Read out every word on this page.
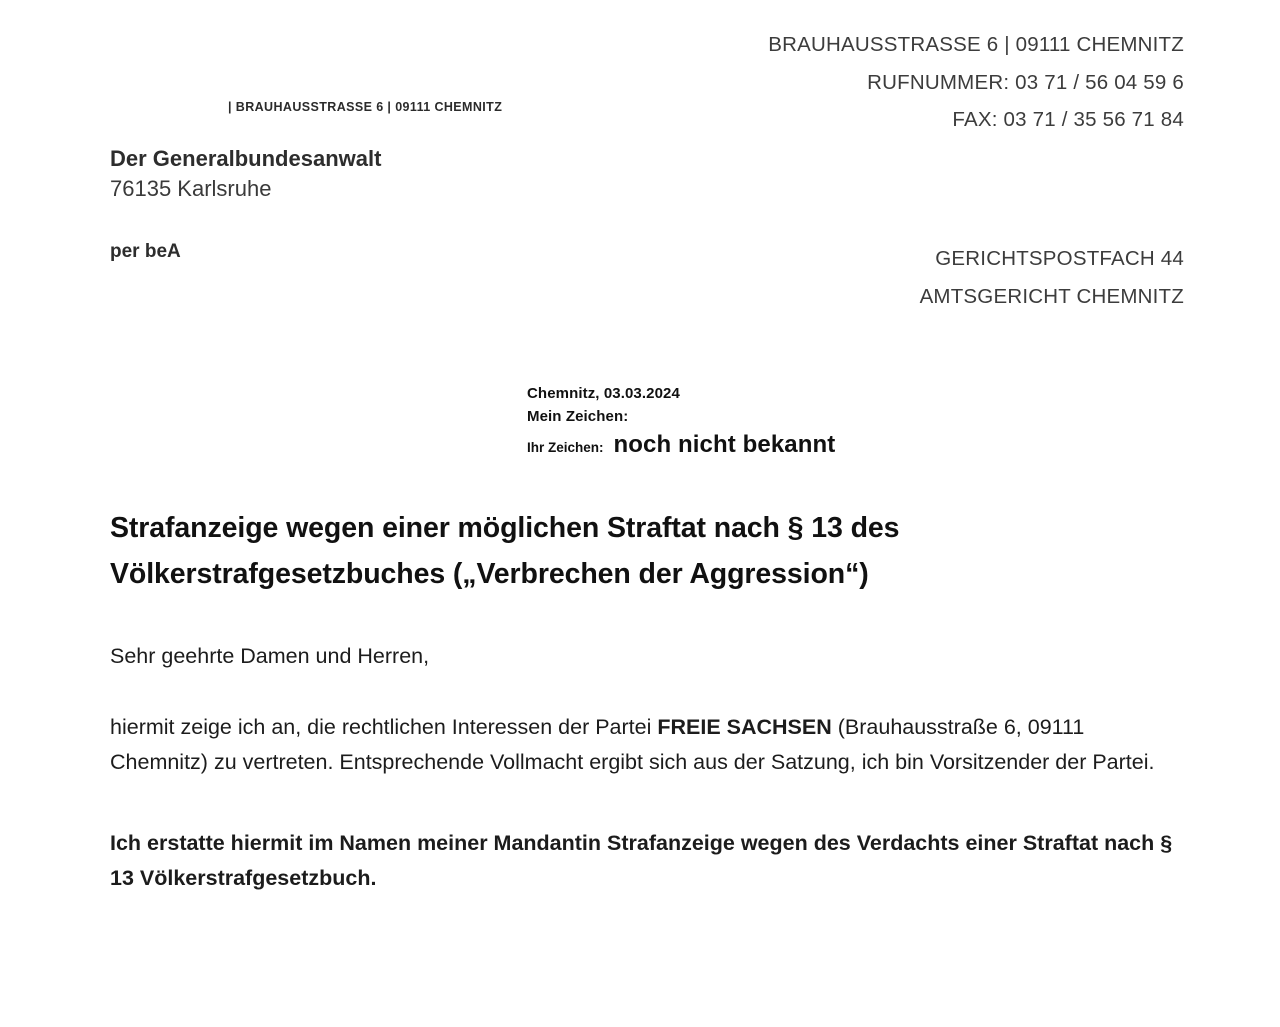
| BRAUHAUSSTRASSE 6 | 09111 CHEMNITZ
Der Generalbundesanwalt
76135 Karlsruhe
per beA
BRAUHAUSSTRASSE 6 | 09111 CHEMNITZ
RUFNUMMER: 03 71 / 56 04 59 6
FAX: 03 71 / 35 56 71 84
GERICHTSPOSTFACH 44
AMTSGERICHT CHEMNITZ
Chemnitz, 03.03.2024
Mein Zeichen:
Ihr Zeichen: noch nicht bekannt
Strafanzeige wegen einer möglichen Straftat nach § 13 des Völkerstrafgesetzbuches („Verbrechen der Aggression“)

Sehr geehrte Damen und Herren,

hiermit zeige ich an, die rechtlichen Interessen der Partei FREIE SACHSEN (Brauhausstraße 6, 09111 Chemnitz) zu vertreten. Entsprechende Vollmacht ergibt sich aus der Satzung, ich bin Vorsitzender der Partei.

Ich erstatte hiermit im Namen meiner Mandantin Strafanzeige wegen des Verdachts einer Straftat nach § 13 Völkerstrafgesetzbuch.
